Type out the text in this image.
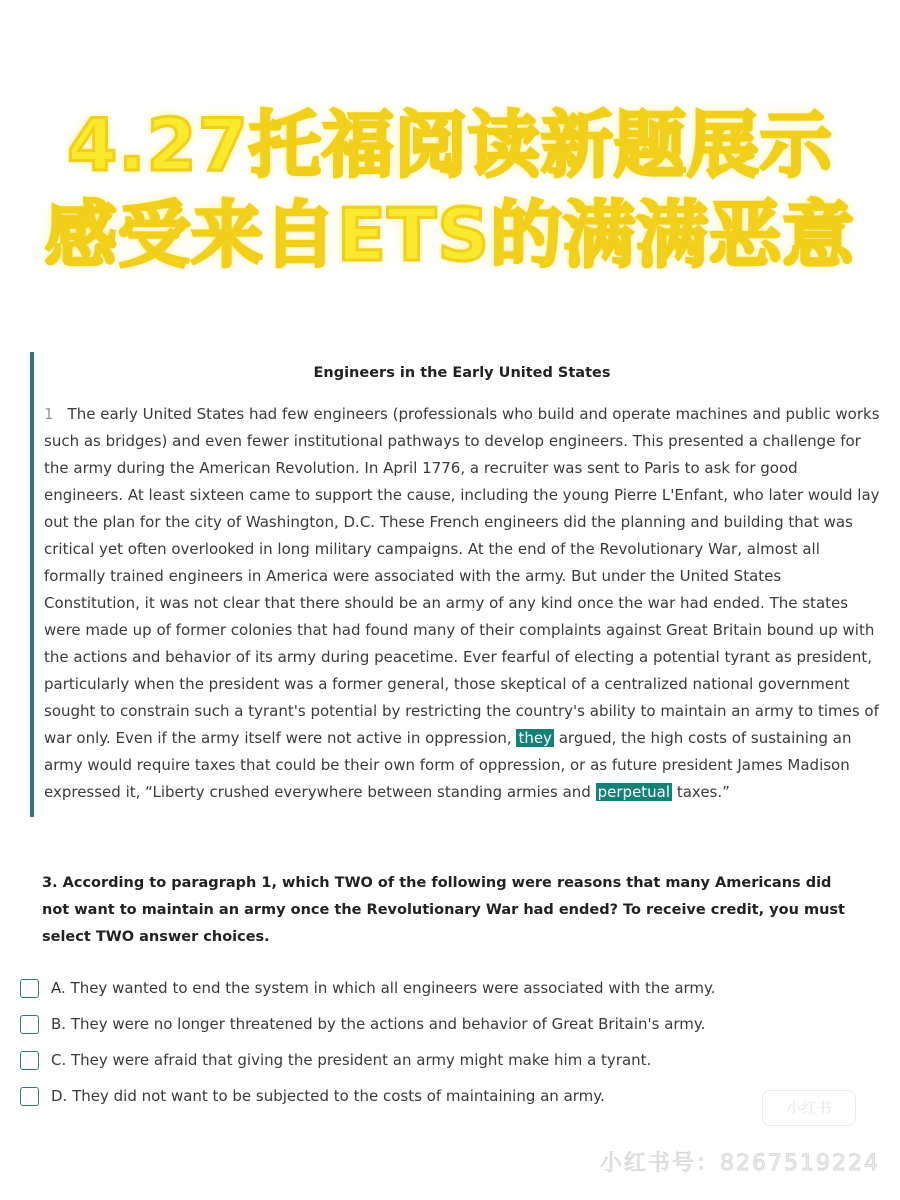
4.27托福阅读新题展示
感受来自ETS的满满恶意
Engineers in the Early United States

1 The early United States had few engineers (professionals who build and operate machines and public works such as bridges) and even fewer institutional pathways to develop engineers. This presented a challenge for the army during the American Revolution. In April 1776, a recruiter was sent to Paris to ask for good engineers. At least sixteen came to support the cause, including the young Pierre L'Enfant, who later would lay out the plan for the city of Washington, D.C. These French engineers did the planning and building that was critical yet often overlooked in long military campaigns. At the end of the Revolutionary War, almost all formally trained engineers in America were associated with the army. But under the United States Constitution, it was not clear that there should be an army of any kind once the war had ended. The states were made up of former colonies that had found many of their complaints against Great Britain bound up with the actions and behavior of its army during peacetime. Ever fearful of electing a potential tyrant as president, particularly when the president was a former general, those skeptical of a centralized national government sought to constrain such a tyrant's potential by restricting the country's ability to maintain an army to times of war only. Even if the army itself were not active in oppression, they argued, the high costs of sustaining an army would require taxes that could be their own form of oppression, or as future president James Madison expressed it, “Liberty crushed everywhere between standing armies and perpetual taxes.”

3. According to paragraph 1, which TWO of the following were reasons that many Americans did not want to maintain an army once the Revolutionary War had ended? To receive credit, you must select TWO answer choices.
A. They wanted to end the system in which all engineers were associated with the army.
B. They were no longer threatened by the actions and behavior of Great Britain's army.
C. They were afraid that giving the president an army might make him a tyrant.
D. They did not want to be subjected to the costs of maintaining an army.
小红书
小红书号：8267519224
